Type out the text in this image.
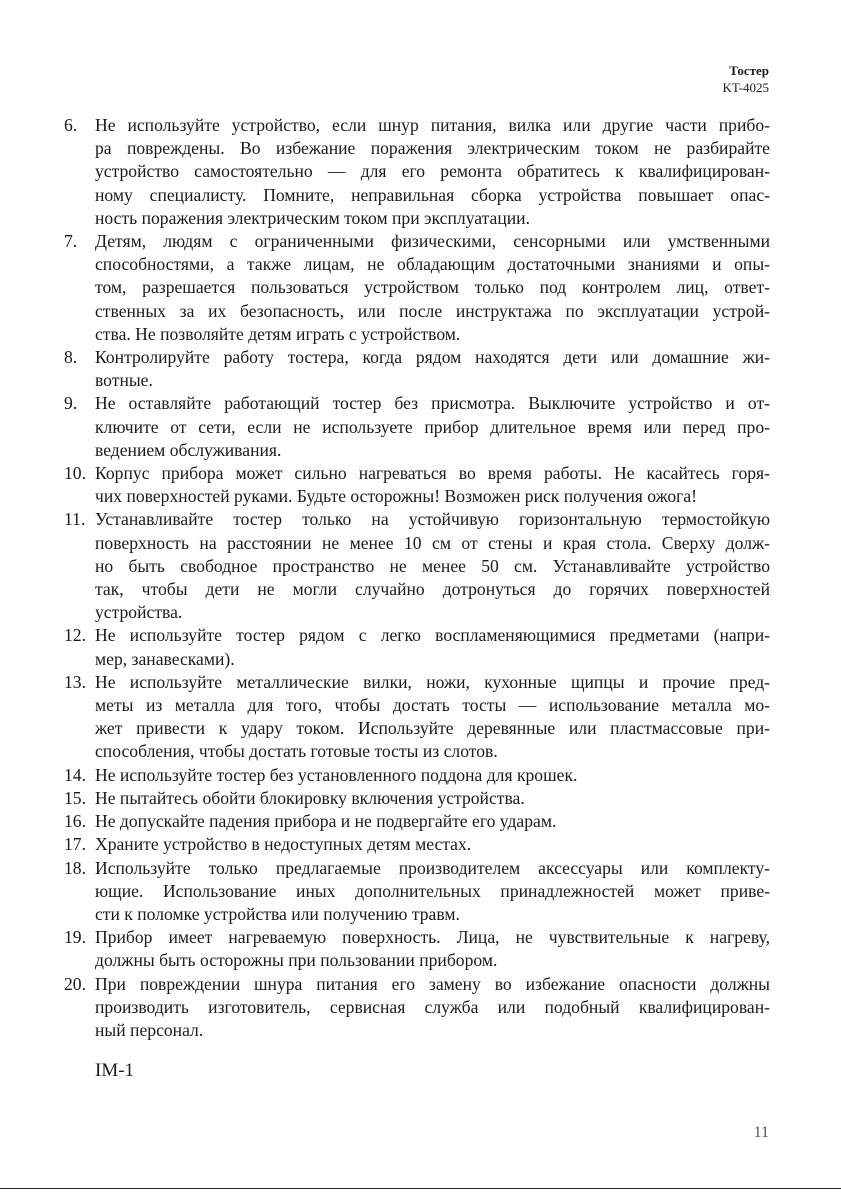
Тостер
KT-4025
6.	Не используйте устройство, если шнур питания, вилка или другие части прибо-
ра повреждены. Во избежание поражения электрическим током не разбирайте
устройство самостоятельно — для его ремонта обратитесь к квалифицирован-
ному специалисту. Помните, неправильная сборка устройства повышает опас-
ность поражения электрическим током при эксплуатации.
7.	Детям, людям с ограниченными физическими, сенсорными или умственными
способностями, а также лицам, не обладающим достаточными знаниями и опы-
том, разрешается пользоваться устройством только под контролем лиц, ответ-
ственных за их безопасность, или после инструктажа по эксплуатации устрой-
ства. Не позволяйте детям играть с устройством.
8.	Контролируйте работу тостера, когда рядом находятся дети или домашние жи-
вотные.
9.	Не оставляйте работающий тостер без присмотра. Выключите устройство и от-
ключите от сети, если не используете прибор длительное время или перед про-
ведением обслуживания.
10. Корпус прибора может сильно нагреваться во время работы. Не касайтесь горя-
чих поверхностей руками. Будьте осторожны! Возможен риск получения ожога!
11. Устанавливайте тостер только на устойчивую горизонтальную термостойкую
поверхность на расстоянии не менее 10 см от стены и края стола. Сверху долж-
но быть свободное пространство не менее 50 см. Устанавливайте устройство
так, чтобы дети не могли случайно дотронуться до горячих поверхностей
устройства.
12. Не используйте тостер рядом с легко воспламеняющимися предметами (напри-
мер, занавесками).
13. Не используйте металлические вилки, ножи, кухонные щипцы и прочие пред-
меты из металла для того, чтобы достать тосты — использование металла мо-
жет привести к удару током. Используйте деревянные или пластмассовые при-
способления, чтобы достать готовые тосты из слотов.
14. Не используйте тостер без установленного поддона для крошек.
15. Не пытайтесь обойти блокировку включения устройства.
16. Не допускайте падения прибора и не подвергайте его ударам.
17. Храните устройство в недоступных детям местах.
18. Используйте только предлагаемые производителем аксессуары или комплекту-
ющие. Использование иных дополнительных принадлежностей может приве-
сти к поломке устройства или получению травм.
19. Прибор имеет нагреваемую поверхность. Лица, не чувствительные к нагреву,
должны быть осторожны при пользовании прибором.
20. При повреждении шнура питания его замену во избежание опасности должны
производить изготовитель, сервисная служба или подобный квалифицирован-
ный персонал.
IM-1
11
